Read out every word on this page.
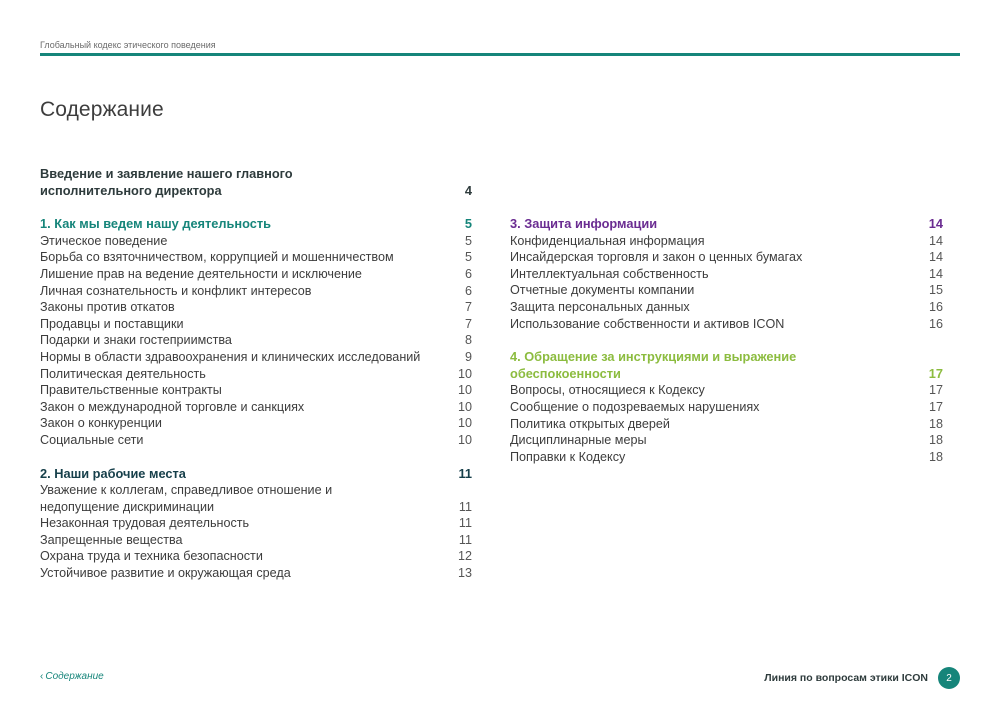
Глобальный кодекс этического поведения
Содержание
Введение и заявление нашего главного исполнительного директора	4
1. Как мы ведем нашу деятельность	5
Этическое поведение	5
Борьба со взяточничеством, коррупцией и мошенничеством	5
Лишение прав на ведение деятельности и исключение	6
Личная сознательность и конфликт интересов	6
Законы против откатов	7
Продавцы и поставщики	7
Подарки и знаки гостеприимства	8
Нормы в области здравоохранения и клинических исследований	9
Политическая деятельность	10
Правительственные контракты	10
Закон о международной торговле и санкциях	10
Закон о конкуренции	10
Социальные сети	10
2. Наши рабочие места	11
Уважение к коллегам, справедливое отношение и недопущение дискриминации	11
Незаконная трудовая деятельность	11
Запрещенные вещества	11
Охрана труда и техника безопасности	12
Устойчивое развитие и окружающая среда	13
3. Защита информации	14
Конфиденциальная информация	14
Инсайдерская торговля и закон о ценных бумагах	14
Интеллектуальная собственность	14
Отчетные документы компании	15
Защита персональных данных	16
Использование собственности и активов ICON	16
4. Обращение за инструкциями и выражение обеспокоенности	17
Вопросы, относящиеся к Кодексу	17
Сообщение о подозреваемых нарушениях	17
Политика открытых дверей	18
Дисциплинарные меры	18
Поправки к Кодексу	18
‹ Содержание	Линия по вопросам этики ICON	2
